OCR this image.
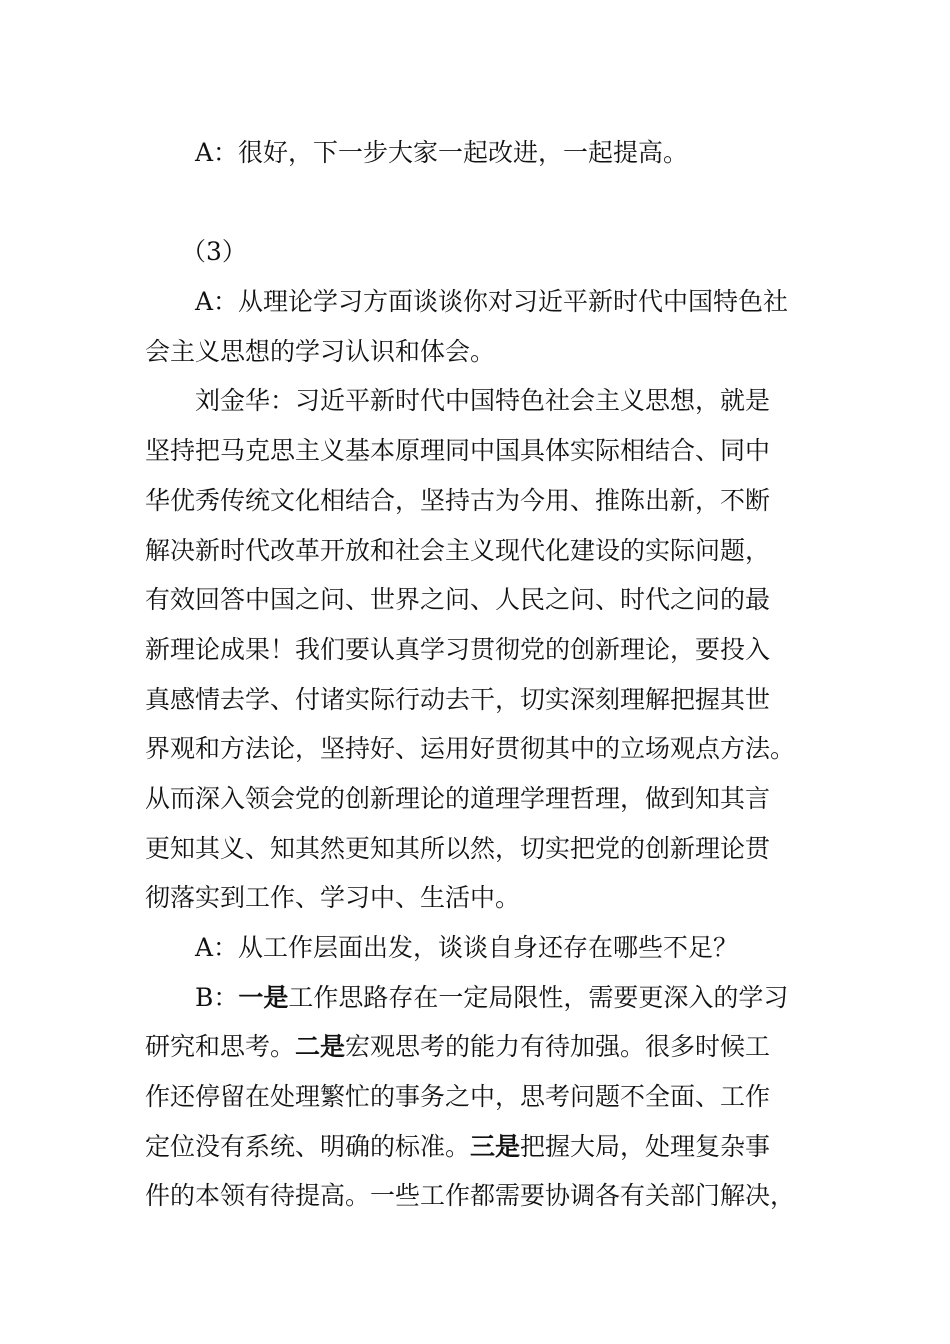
A：很好，下一步大家一起改进，一起提高。
（3）
A：从理论学习方面谈谈你对习近平新时代中国特色社
会主义思想的学习认识和体会。
刘金华：习近平新时代中国特色社会主义思想，就是
坚持把马克思主义基本原理同中国具体实际相结合、同中
华优秀传统文化相结合，坚持古为今用、推陈出新，不断
解决新时代改革开放和社会主义现代化建设的实际问题，
有效回答中国之问、世界之问、人民之问、时代之问的最
新理论成果！我们要认真学习贯彻党的创新理论，要投入
真感情去学、付诸实际行动去干，切实深刻理解把握其世
界观和方法论，坚持好、运用好贯彻其中的立场观点方法。
从而深入领会党的创新理论的道理学理哲理，做到知其言
更知其义、知其然更知其所以然，切实把党的创新理论贯
彻落实到工作、学习中、生活中。
A：从工作层面出发，谈谈自身还存在哪些不足？
B：一是工作思路存在一定局限性，需要更深入的学习
研究和思考。二是宏观思考的能力有待加强。很多时候工
作还停留在处理繁忙的事务之中，思考问题不全面、工作
定位没有系统、明确的标准。三是把握大局，处理复杂事
件的本领有待提高。一些工作都需要协调各有关部门解决，
